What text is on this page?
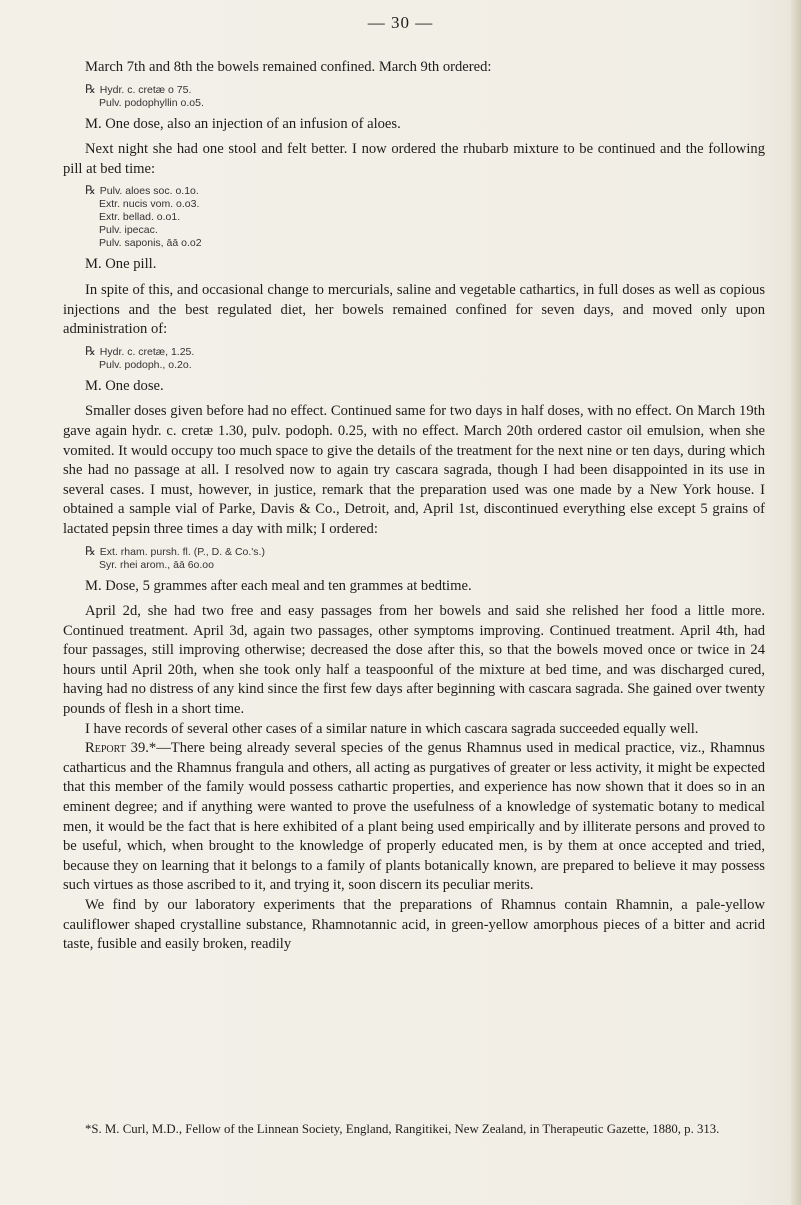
— 30 —

March 7th and 8th the bowels remained confined. March 9th ordered:

℞ Hydr. c. cretæ o 75.
Pulv. podophyllin o.o5.

M. One dose, also an injection of an infusion of aloes.

Next night she had one stool and felt better. I now ordered the rhubarb mixture to be continued and the following pill at bed time:

℞ Pulv. aloes soc. o.1o.
Extr. nucis vom. o.o3.
Extr. bellad. o.o1.
Pulv. ipecac.
Pulv. saponis, āā o.o2

M. One pill.

In spite of this, and occasional change to mercurials, saline and vegetable cathartics, in full doses as well as copious injections and the best regulated diet, her bowels remained confined for seven days, and moved only upon administration of:

℞ Hydr. c. cretæ, 1.25.
Pulv. podoph., o.2o.

M. One dose.

Smaller doses given before had no effect. Continued same for two days in half doses, with no effect. On March 19th gave again hydr. c. cretæ 1.30, pulv. podoph. 0.25, with no effect. March 20th ordered castor oil emulsion, when she vomited. It would occupy too much space to give the details of the treatment for the next nine or ten days, during which she had no passage at all. I resolved now to again try cascara sagrada, though I had been disappointed in its use in several cases. I must, however, in justice, remark that the preparation used was one made by a New York house. I obtained a sample vial of Parke, Davis & Co., Detroit, and, April 1st, discontinued everything else except 5 grains of lactated pepsin three times a day with milk; I ordered:

℞ Ext. rham. pursh. fl. (P., D. & Co.'s.)
Syr. rhei arom., āā 6o.oo

M. Dose, 5 grammes after each meal and ten grammes at bedtime.

April 2d, she had two free and easy passages from her bowels and said she relished her food a little more. Continued treatment. April 3d, again two passages, other symptoms improving. Continued treatment. April 4th, had four passages, still improving otherwise; decreased the dose after this, so that the bowels moved once or twice in 24 hours until April 20th, when she took only half a teaspoonful of the mixture at bed time, and was discharged cured, having had no distress of any kind since the first few days after beginning with cascara sagrada. She gained over twenty pounds of flesh in a short time.

I have records of several other cases of a similar nature in which cascara sagrada succeeded equally well.

Report 39.*—There being already several species of the genus Rhamnus used in medical practice, viz., Rhamnus catharticus and the Rhamnus frangula and others, all acting as purgatives of greater or less activity, it might be expected that this member of the family would possess cathartic properties, and experience has now shown that it does so in an eminent degree; and if anything were wanted to prove the usefulness of a knowledge of systematic botany to medical men, it would be the fact that is here exhibited of a plant being used empirically and by illiterate persons and proved to be useful, which, when brought to the knowledge of properly educated men, is by them at once accepted and tried, because they on learning that it belongs to a family of plants botanically known, are prepared to believe it may possess such virtues as those ascribed to it, and trying it, soon discern its peculiar merits.

We find by our laboratory experiments that the preparations of Rhamnus contain Rhamnin, a pale-yellow cauliflower shaped crystalline substance, Rhamnotannic acid, in green-yellow amorphous pieces of a bitter and acrid taste, fusible and easily broken, readily

*S. M. Curl, M.D., Fellow of the Linnean Society, England, Rangitikei, New Zealand, in Therapeutic Gazette, 1880, p. 313.
